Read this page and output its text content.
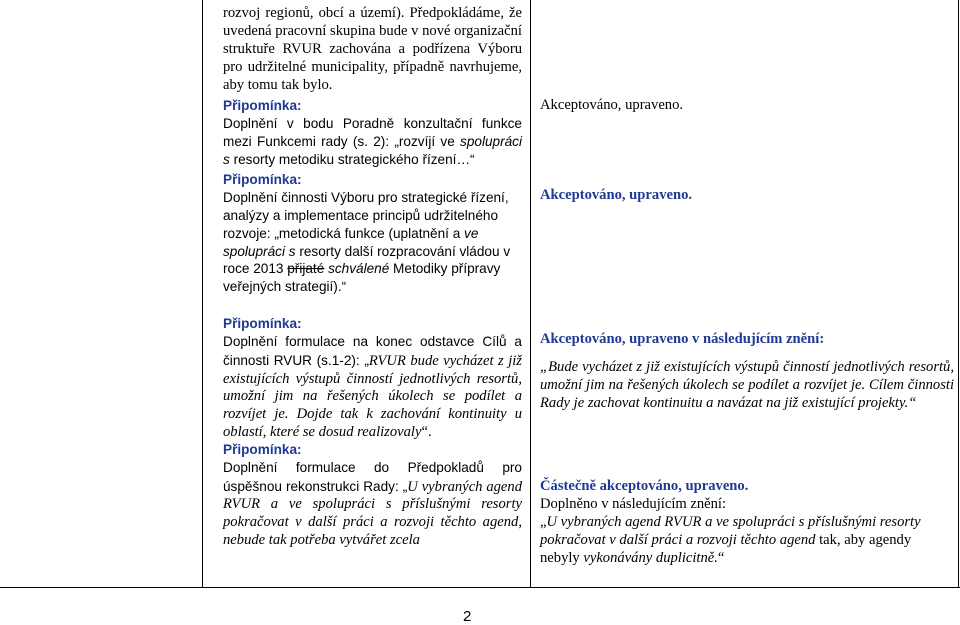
rozvoj regionů, obcí a území). Předpokládáme, že uvedená pracovní skupina bude v nové organizační struktuře RVUR zachována a podřízena Výboru pro udržitelné municipality, případně navrhujeme, aby tomu tak bylo.

Připomínka:

Doplnění v bodu Poradně konzultační funkce mezi Funkcemi rady (s. 2): „rozvíjí ve spolupráci s resorty metodiku strategického řízení…“

Připomínka:

Doplnění činnosti Výboru pro strategické řízení, analýzy a implementace principů udržitelného rozvoje: „metodická funkce (uplatnění a ve spolupráci s resorty další rozpracování vládou v roce 2013 přijaté schválené Metodiky přípravy veřejných strategií).“

Připomínka:

Doplnění formulace na konec odstavce Cílů a činnosti RVUR (s.1-2): „RVUR bude vycházet z již existujících výstupů činností jednotlivých resortů, umožní jim na řešených úkolech se podílet a rozvíjet je. Dojde tak k zachování kontinuity u oblastí, které se dosud realizovaly“.

Připomínka:

Doplnění formulace do Předpokladů pro úspěšnou rekonstrukci Rady: „U vybraných agend RVUR a ve spolupráci s příslušnými resorty pokračovat v další práci a rozvoji těchto agend, nebude tak potřeba vytvářet zcela

Akceptováno, upraveno.
Akceptováno, upraveno.

Akceptováno, upraveno v následujícím znění:

„Bude vycházet z již existujících výstupů činností jednotlivých resortů, umožní jim na řešených úkolech se podílet a rozvíjet je. Cílem činnosti Rady je zachovat kontinuitu a navázat na již existující projekty.“

Částečně akceptováno, upraveno.

Doplněno v následujícím znění:

„U vybraných agend RVUR a ve spolupráci s příslušnými resorty pokračovat v další práci a rozvoji těchto agend tak, aby agendy nebyly vykonávány duplicitně.“

2
